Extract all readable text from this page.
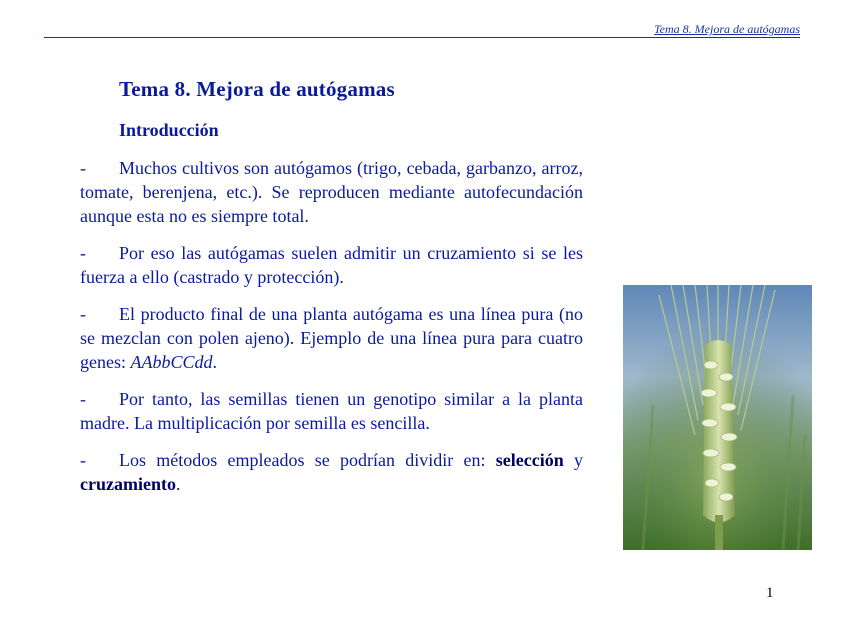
Tema 8. Mejora de autógamas
Tema 8. Mejora de autógamas
Introducción

- Muchos cultivos son autógamos (trigo, cebada, garbanzo, arroz, tomate, berenjena, etc.). Se reproducen mediante autofecundación aunque esta no es siempre total.

- Por eso las autógamas suelen admitir un cruzamiento si se les fuerza a ello (castrado y protección).

- El producto final de una planta autógama es una línea pura (no se mezclan con polen ajeno). Ejemplo de una línea pura para cuatro genes: AAbbCCdd.

- Por tanto, las semillas tienen un genotipo similar a la planta madre. La multiplicación por semilla es sencilla.

- Los métodos empleados se podrían dividir en: selección y cruzamiento.

1
